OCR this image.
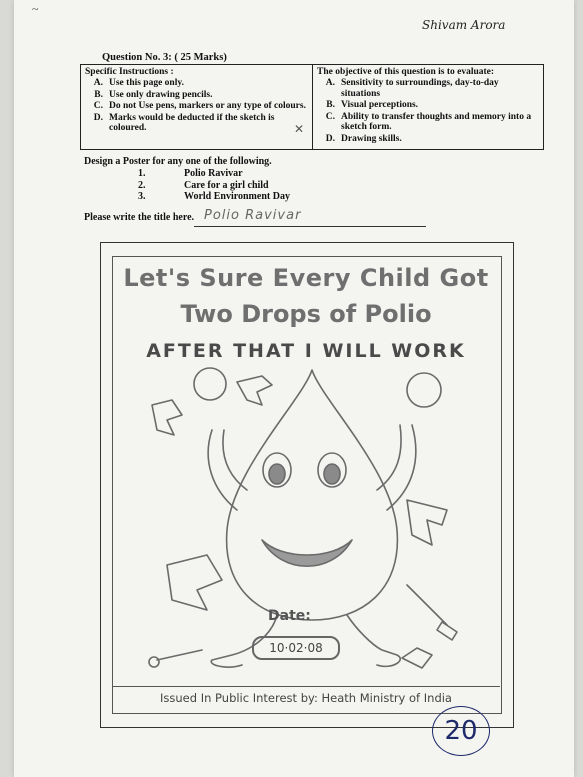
~
Shivam Arora
Question No. 3: ( 25 Marks)
Specific Instructions :
A. Use this page only.
B. Use only drawing pencils.
C. Do not Use pens, markers or any type of colours.
D. Marks would be deducted if the sketch is coloured.
The objective of this question is to evaluate:
A. Sensitivity to surroundings, day-to-day situations
B. Visual perceptions.
C. Ability to transfer thoughts and memory into a sketch form.
D. Drawing skills.
✕
Design a Poster for any one of the following.
1.	Polio Ravivar
2.	Care for a girl child
3.	World Environment Day
Please write the title here. Polio Ravivar
Let's Sure Every Child Got
Two Drops of Polio
AFTER THAT I WILL WORK
Date:
10·02·08
Issued In Public Interest by: Heath Ministry of India
20
